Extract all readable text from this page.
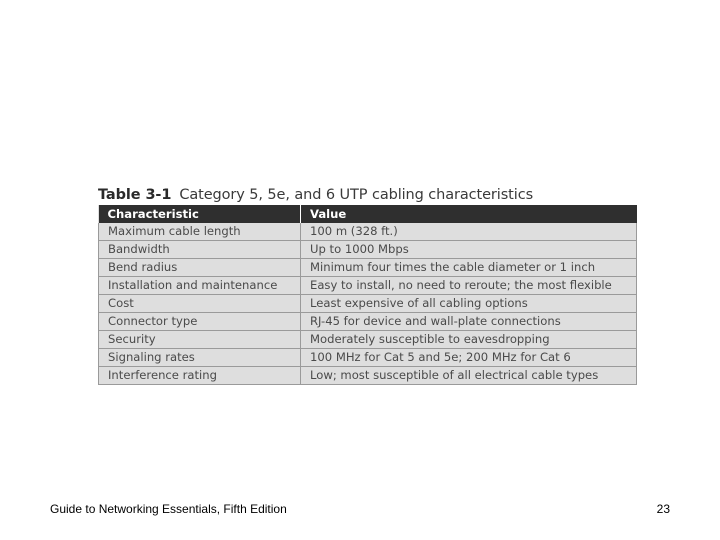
Table 3-1 Category 5, 5e, and 6 UTP cabling characteristics
Characteristic	Value
Maximum cable length	100 m (328 ft.)
Bandwidth	Up to 1000 Mbps
Bend radius	Minimum four times the cable diameter or 1 inch
Installation and maintenance	Easy to install, no need to reroute; the most flexible
Cost	Least expensive of all cabling options
Connector type	RJ-45 for device and wall-plate connections
Security	Moderately susceptible to eavesdropping
Signaling rates	100 MHz for Cat 5 and 5e; 200 MHz for Cat 6
Interference rating	Low; most susceptible of all electrical cable types
Guide to Networking Essentials, Fifth Edition	23
